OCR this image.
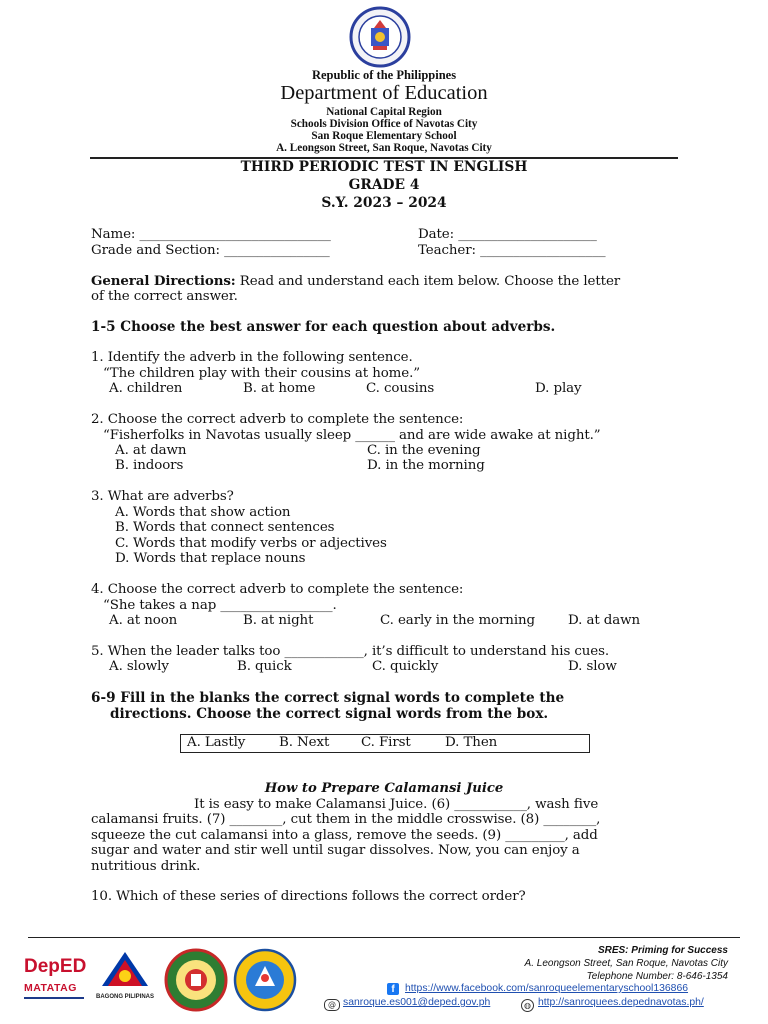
Republic of the Philippines
Department of Education
National Capital Region
Schools Division Office of Navotas City
San Roque Elementary School
A. Leongson Street, San Roque, Navotas City
THIRD PERIODIC TEST IN ENGLISH
GRADE 4
S.Y. 2023 – 2024
Name: _____________________________	Date: _____________________
Grade and Section: ________________	Teacher: ___________________
General Directions: Read and understand each item below. Choose the letter
of the correct answer.
1-5 Choose the best answer for each question about adverbs.
1. Identify the adverb in the following sentence.
“The children play with their cousins at home.”
A. children	B. at home	C. cousins	D. play
2. Choose the correct adverb to complete the sentence:
“Fisherfolks in Navotas usually sleep ______ and are wide awake at night.”
A. at dawn	C. in the evening
B. indoors	D. in the morning
3. What are adverbs?
A. Words that show action
B. Words that connect sentences
C. Words that modify verbs or adjectives
D. Words that replace nouns
4. Choose the correct adverb to complete the sentence:
“She takes a nap _________________.
A. at noon	B. at night	C. early in the morning D. at dawn
5. When the leader talks too ____________, it’s difficult to understand his cues.
A. slowly	B. quick	C. quickly	D. slow
6-9 Fill in the blanks the correct signal words to complete the
directions. Choose the correct signal words from the box.
A. Lastly	B. Next C. First	D. Then
How to Prepare Calamansi Juice
It is easy to make Calamansi Juice. (6) ___________, wash five
calamansi fruits. (7) ________, cut them in the middle crosswise. (8) ________,
squeeze the cut calamansi into a glass, remove the seeds. (9) _________, add
sugar and water and stir well until sugar dissolves. Now, you can enjoy a
nutritious drink.
10. Which of these series of directions follows the correct order?
DepED
MATATAG
BAGONG PILIPINAS
SRES: Priming for Success
A. Leongson Street, San Roque, Navotas City
Telephone Number: 8-646-1354
f https://www.facebook.com/sanroqueelementaryschool136866
@ sanroque.es001@deped.gov.ph	◍ http://sanroquees.depednavotas.ph/
